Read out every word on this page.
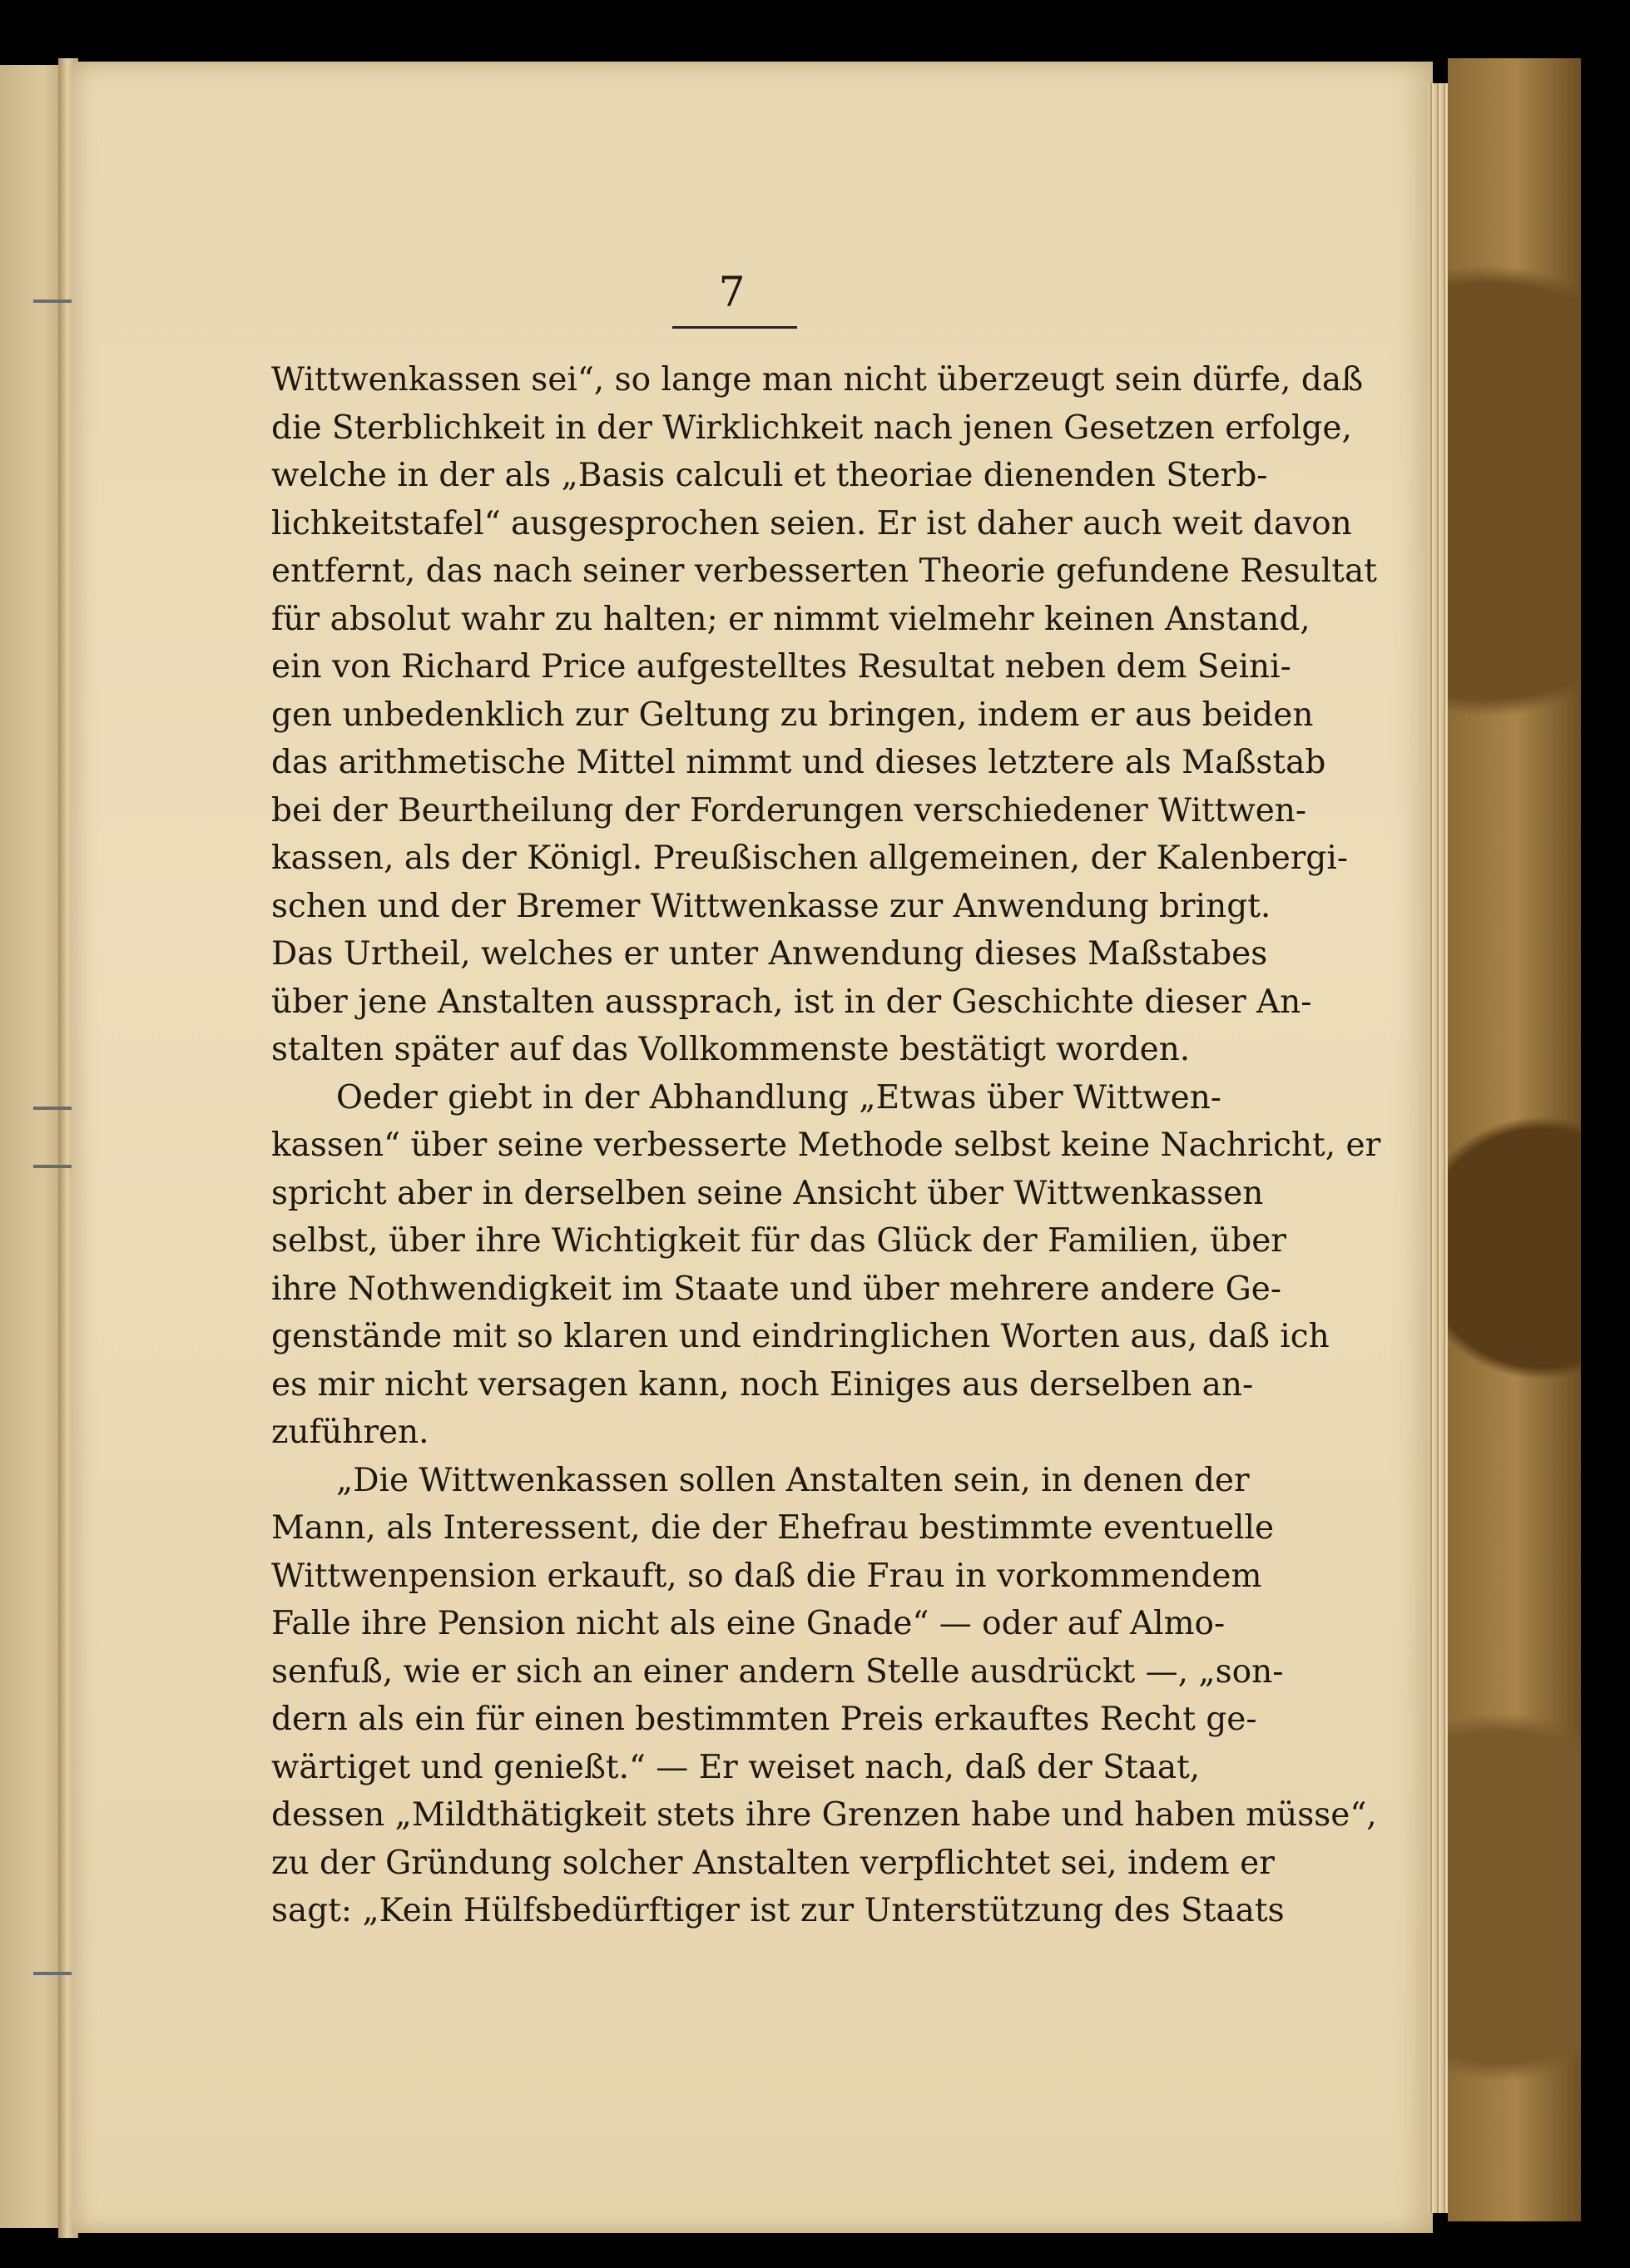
7
Wittwenkassen sei“, so lange man nicht überzeugt sein dürfe, daß
die Sterblichkeit in der Wirklichkeit nach jenen Gesetzen erfolge,
welche in der als „Basis calculi et theoriae dienenden Sterb-
lichkeitstafel“ ausgesprochen seien. Er ist daher auch weit davon
entfernt, das nach seiner verbesserten Theorie gefundene Resultat
für absolut wahr zu halten; er nimmt vielmehr keinen Anstand,
ein von Richard Price aufgestelltes Resultat neben dem Seini-
gen unbedenklich zur Geltung zu bringen, indem er aus beiden
das arithmetische Mittel nimmt und dieses letztere als Maßstab
bei der Beurtheilung der Forderungen verschiedener Wittwen-
kassen, als der Königl. Preußischen allgemeinen, der Kalenbergi-
schen und der Bremer Wittwenkasse zur Anwendung bringt.
Das Urtheil, welches er unter Anwendung dieses Maßstabes
über jene Anstalten aussprach, ist in der Geschichte dieser An-
stalten später auf das Vollkommenste bestätigt worden.
Oeder giebt in der Abhandlung „Etwas über Wittwen-
kassen“ über seine verbesserte Methode selbst keine Nachricht, er
spricht aber in derselben seine Ansicht über Wittwenkassen
selbst, über ihre Wichtigkeit für das Glück der Familien, über
ihre Nothwendigkeit im Staate und über mehrere andere Ge-
genstände mit so klaren und eindringlichen Worten aus, daß ich
es mir nicht versagen kann, noch Einiges aus derselben an-
zuführen.
„Die Wittwenkassen sollen Anstalten sein, in denen der
Mann, als Interessent, die der Ehefrau bestimmte eventuelle
Wittwenpension erkauft, so daß die Frau in vorkommendem
Falle ihre Pension nicht als eine Gnade“ — oder auf Almo-
senfuß, wie er sich an einer andern Stelle ausdrückt —, „son-
dern als ein für einen bestimmten Preis erkauftes Recht ge-
wärtiget und genießt.“ — Er weiset nach, daß der Staat,
dessen „Mildthätigkeit stets ihre Grenzen habe und haben müsse“,
zu der Gründung solcher Anstalten verpflichtet sei, indem er
sagt: „Kein Hülfsbedürftiger ist zur Unterstützung des Staats
